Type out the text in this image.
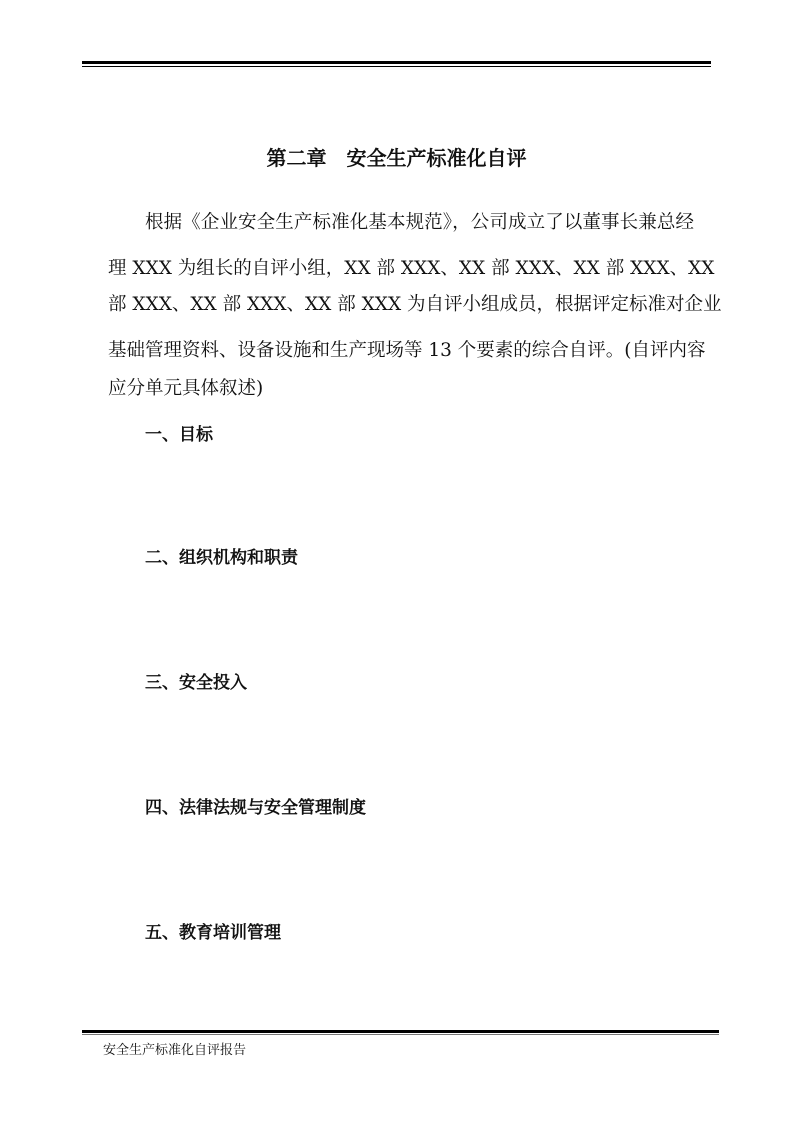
第二章　安全生产标准化自评
根据《企业安全生产标准化基本规范》，公司成立了以董事长兼总经
理 XXX 为组长的自评小组，XX 部 XXX、XX 部 XXX、XX 部 XXX、XX
部 XXX、XX 部 XXX、XX 部 XXX 为自评小组成员，根据评定标准对企业
基础管理资料、设备设施和生产现场等 13 个要素的综合自评。(自评内容
应分单元具体叙述)
一、目标
二、组织机构和职责
三、安全投入
四、法律法规与安全管理制度
五、教育培训管理
安全生产标准化自评报告
